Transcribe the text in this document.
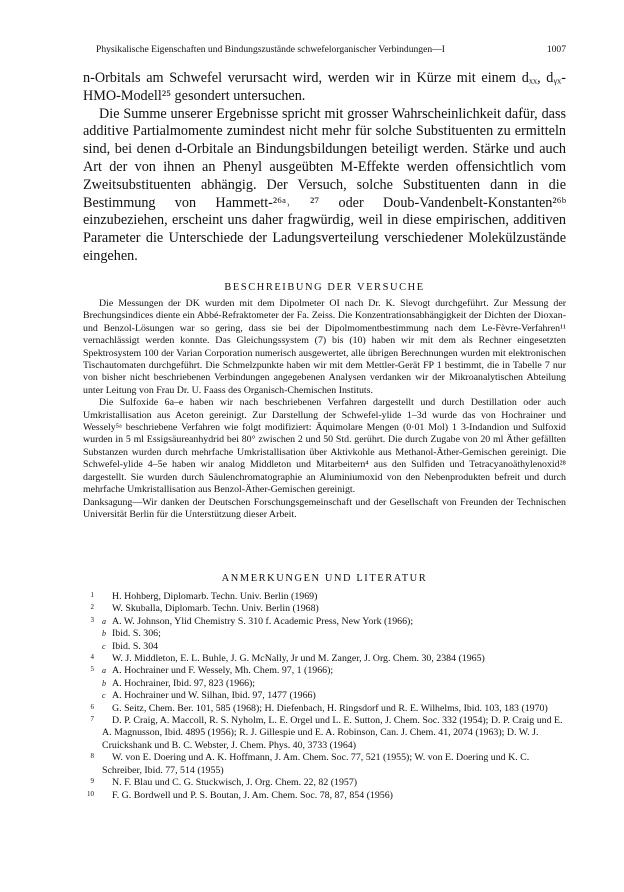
Physikalische Eigenschaften und Bindungszustände schwefelorganischer Verbindungen—I	1007

n-Orbitals am Schwefel verursacht wird, werden wir in Kürze mit einem dₓₓ, dᵧₓ-HMO-Modell²⁵ gesondert untersuchen.

Die Summe unserer Ergebnisse spricht mit grosser Wahrscheinlichkeit dafür, dass additive Partialmomente zumindest nicht mehr für solche Substituenten zu ermitteln sind, bei denen d-Orbitale an Bindungsbildungen beteiligt werden. Stärke und auch Art der von ihnen an Phenyl ausgeübten M-Effekte werden offensichtlich vom Zweitsubstituenten abhängig. Der Versuch, solche Substituenten dann in die Bestimmung von Hammett-²⁶ᵃ˒ ²⁷ oder Doub-Vandenbelt-Konstanten²⁶ᵇ einzubeziehen, erscheint uns daher fragwürdig, weil in diese empirischen, additiven Parameter die Unterschiede der Ladungsverteilung verschiedener Molekülzustände eingehen.

BESCHREIBUNG DER VERSUCHE

Die Messungen der DK wurden mit dem Dipolmeter OI nach Dr. K. Slevogt durchgeführt. Zur Messung der Brechungsindices diente ein Abbé-Refraktometer der Fa. Zeiss. Die Konzentrationsabhängigkeit der Dichten der Dioxan- und Benzol-Lösungen war so gering, dass sie bei der Dipolmomentbestimmung nach dem Le-Fèvre-Verfahren¹¹ vernachlässigt werden konnte. Das Gleichungssystem (7) bis (10) haben wir mit dem als Rechner eingesetzten Spektrosystem 100 der Varian Corporation numerisch ausgewertet, alle übrigen Berechnungen wurden mit elektronischen Tischautomaten durchgeführt. Die Schmelzpunkte haben wir mit dem Mettler-Gerät FP 1 bestimmt, die in Tabelle 7 nur von bisher nicht beschriebenen Verbindungen angegebenen Analysen verdanken wir der Mikroanalytischen Abteilung unter Leitung von Frau Dr. U. Faass des Organisch-Chemischen Instituts.

Die Sulfoxide 6a–e haben wir nach beschriebenen Verfahren dargestellt und durch Destillation oder auch Umkristallisation aus Aceton gereinigt. Zur Darstellung der Schwefel-ylide 1–3d wurde das von Hochrainer und Wessely⁵ᵃ beschriebene Verfahren wie folgt modifiziert: Äquimolare Mengen (0·01 Mol) 1 3-Indandion und Sulfoxid wurden in 5 ml Essigsäureanhydrid bei 80° zwischen 2 und 50 Std. gerührt. Die durch Zugabe von 20 ml Äther gefällten Substanzen wurden durch mehrfache Umkristallisation über Aktivkohle aus Methanol-Äther-Gemischen gereinigt. Die Schwefel-ylide 4–5e haben wir analog Middleton und Mitarbeitern⁴ aus den Sulfiden und Tetracyanoäthylenoxid²⁸ dargestellt. Sie wurden durch Säulenchromatographie an Aluminiumoxid von den Nebenprodukten befreit und durch mehrfache Umkristallisation aus Benzol-Äther-Gemischen gereinigt.

Danksagung—Wir danken der Deutschen Forschungsgemeinschaft und der Gesellschaft von Freunden der Technischen Universität Berlin für die Unterstützung dieser Arbeit.

ANMERKUNGEN UND LITERATUR
1 H. Hohberg, Diplomarb. Techn. Univ. Berlin (1969)
2 W. Skuballa, Diplomarb. Techn. Univ. Berlin (1968)
3 a A. W. Johnson, Ylid Chemistry S. 310 f. Academic Press, New York (1966);
b Ibid. S. 306;
c Ibid. S. 304
4 W. J. Middleton, E. L. Buhle, J. G. McNally, Jr und M. Zanger, J. Org. Chem. 30, 2384 (1965)
5 a A. Hochrainer und F. Wessely, Mh. Chem. 97, 1 (1966);
b A. Hochrainer, Ibid. 97, 823 (1966);
c A. Hochrainer und W. Silhan, Ibid. 97, 1477 (1966)
6 G. Seitz, Chem. Ber. 101, 585 (1968); H. Diefenbach, H. Ringsdorf und R. E. Wilhelms, Ibid. 103, 183 (1970)
7 D. P. Craig, A. Maccoll, R. S. Nyholm, L. E. Orgel und L. E. Sutton, J. Chem. Soc. 332 (1954); D. P. Craig und E. A. Magnusson, Ibid. 4895 (1956); R. J. Gillespie und E. A. Robinson, Can. J. Chem. 41, 2074 (1963); D. W. J. Cruickshank und B. C. Webster, J. Chem. Phys. 40, 3733 (1964)
8 W. von E. Doering und A. K. Hoffmann, J. Am. Chem. Soc. 77, 521 (1955); W. von E. Doering und K. C. Schreiber, Ibid. 77, 514 (1955)
9 N. F. Blau und C. G. Stuckwisch, J. Org. Chem. 22, 82 (1957)
10 F. G. Bordwell und P. S. Boutan, J. Am. Chem. Soc. 78, 87, 854 (1956)
